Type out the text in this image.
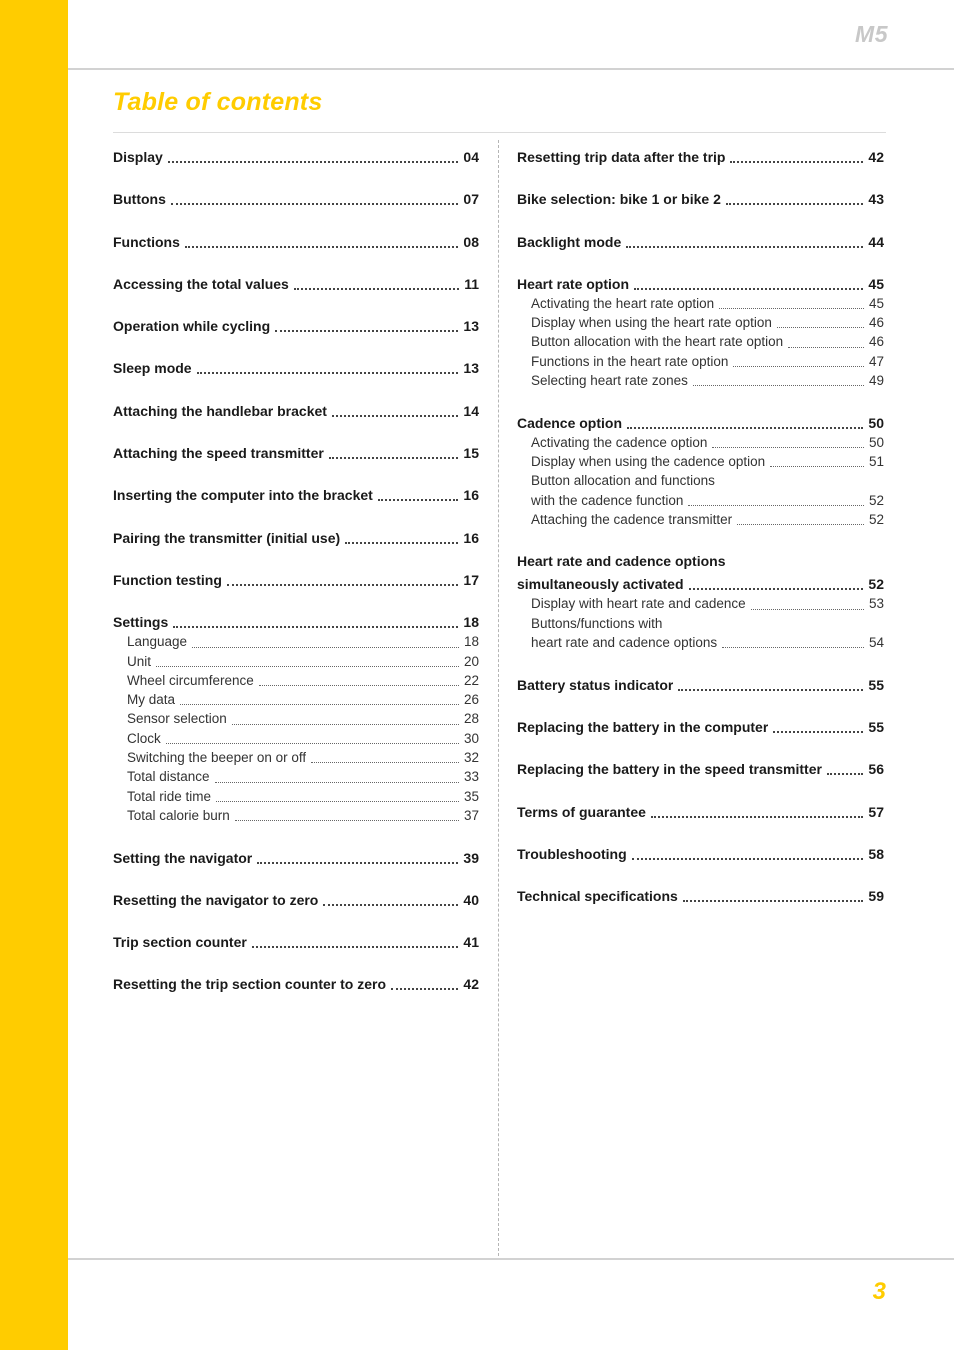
M5
Table of contents
Display	04
Buttons	07
Functions	08
Accessing the total values	11
Operation while cycling	13
Sleep mode	13
Attaching the handlebar bracket	14
Attaching the speed transmitter	15
Inserting the computer into the bracket	16
Pairing the transmitter (initial use)	16
Function testing	17
Settings	18
Language	18
Unit	20
Wheel circumference	22
My data	26
Sensor selection	28
Clock	30
Switching the beeper on or off	32
Total distance	33
Total ride time	35
Total calorie burn	37
Setting the navigator	39
Resetting the navigator to zero	40
Trip section counter	41
Resetting the trip section counter to zero	42
Resetting trip data after the trip	42
Bike selection: bike 1 or bike 2	43
Backlight mode	44
Heart rate option	45
Activating the heart rate option	45
Display when using the heart rate option	46
Button allocation with the heart rate option	46
Functions in the heart rate option	47
Selecting heart rate zones	49
Cadence option	50
Activating the cadence option	50
Display when using the cadence option	51
Button allocation and functions
with the cadence function	52
Attaching the cadence transmitter	52
Heart rate and cadence options
simultaneously activated	52
Display with heart rate and cadence	53
Buttons/functions with
heart rate and cadence options	54
Battery status indicator	55
Replacing the battery in the computer	55
Replacing the battery in the speed transmitter	56
Terms of guarantee	57
Troubleshooting	58
Technical specifications	59
3
